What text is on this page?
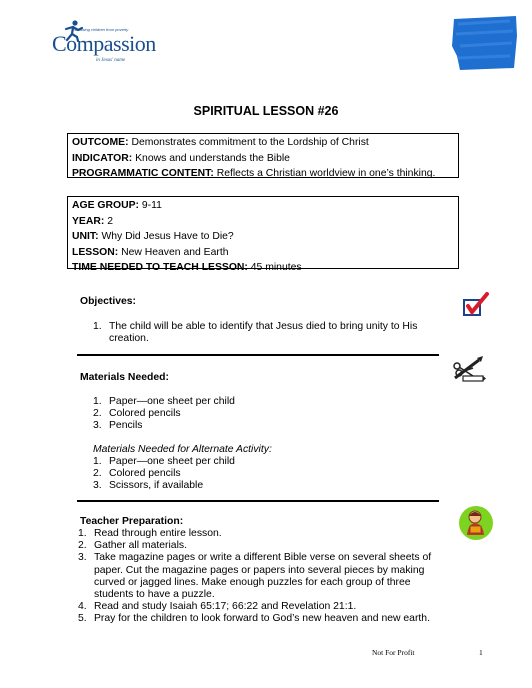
Releasing children from poverty
Compassion
in Jesus' name
SPIRITUAL LESSON #26
OUTCOME: Demonstrates commitment to the Lordship of Christ
INDICATOR: Knows and understands the Bible
PROGRAMMATIC CONTENT: Reflects a Christian worldview in one’s thinking.
AGE GROUP: 9-11
YEAR: 2
UNIT: Why Did Jesus Have to Die?
LESSON: New Heaven and Earth
TIME NEEDED TO TEACH LESSON: 45 minutes
Objectives:
1. The child will be able to identify that Jesus died to bring unity to His creation.
Materials Needed:
1. Paper—one sheet per child
2. Colored pencils
3. Pencils
Materials Needed for Alternate Activity:
1. Paper—one sheet per child
2. Colored pencils
3. Scissors, if available
Teacher Preparation:
1. Read through entire lesson.
2. Gather all materials.
3. Take magazine pages or write a different Bible verse on several sheets of paper. Cut the magazine pages or papers into several pieces by making curved or jagged lines. Make enough puzzles for each group of three students to have a puzzle.
4. Read and study Isaiah 65:17; 66:22 and Revelation 21:1.
5. Pray for the children to look forward to God’s new heaven and new earth.
Not For Profit	1
